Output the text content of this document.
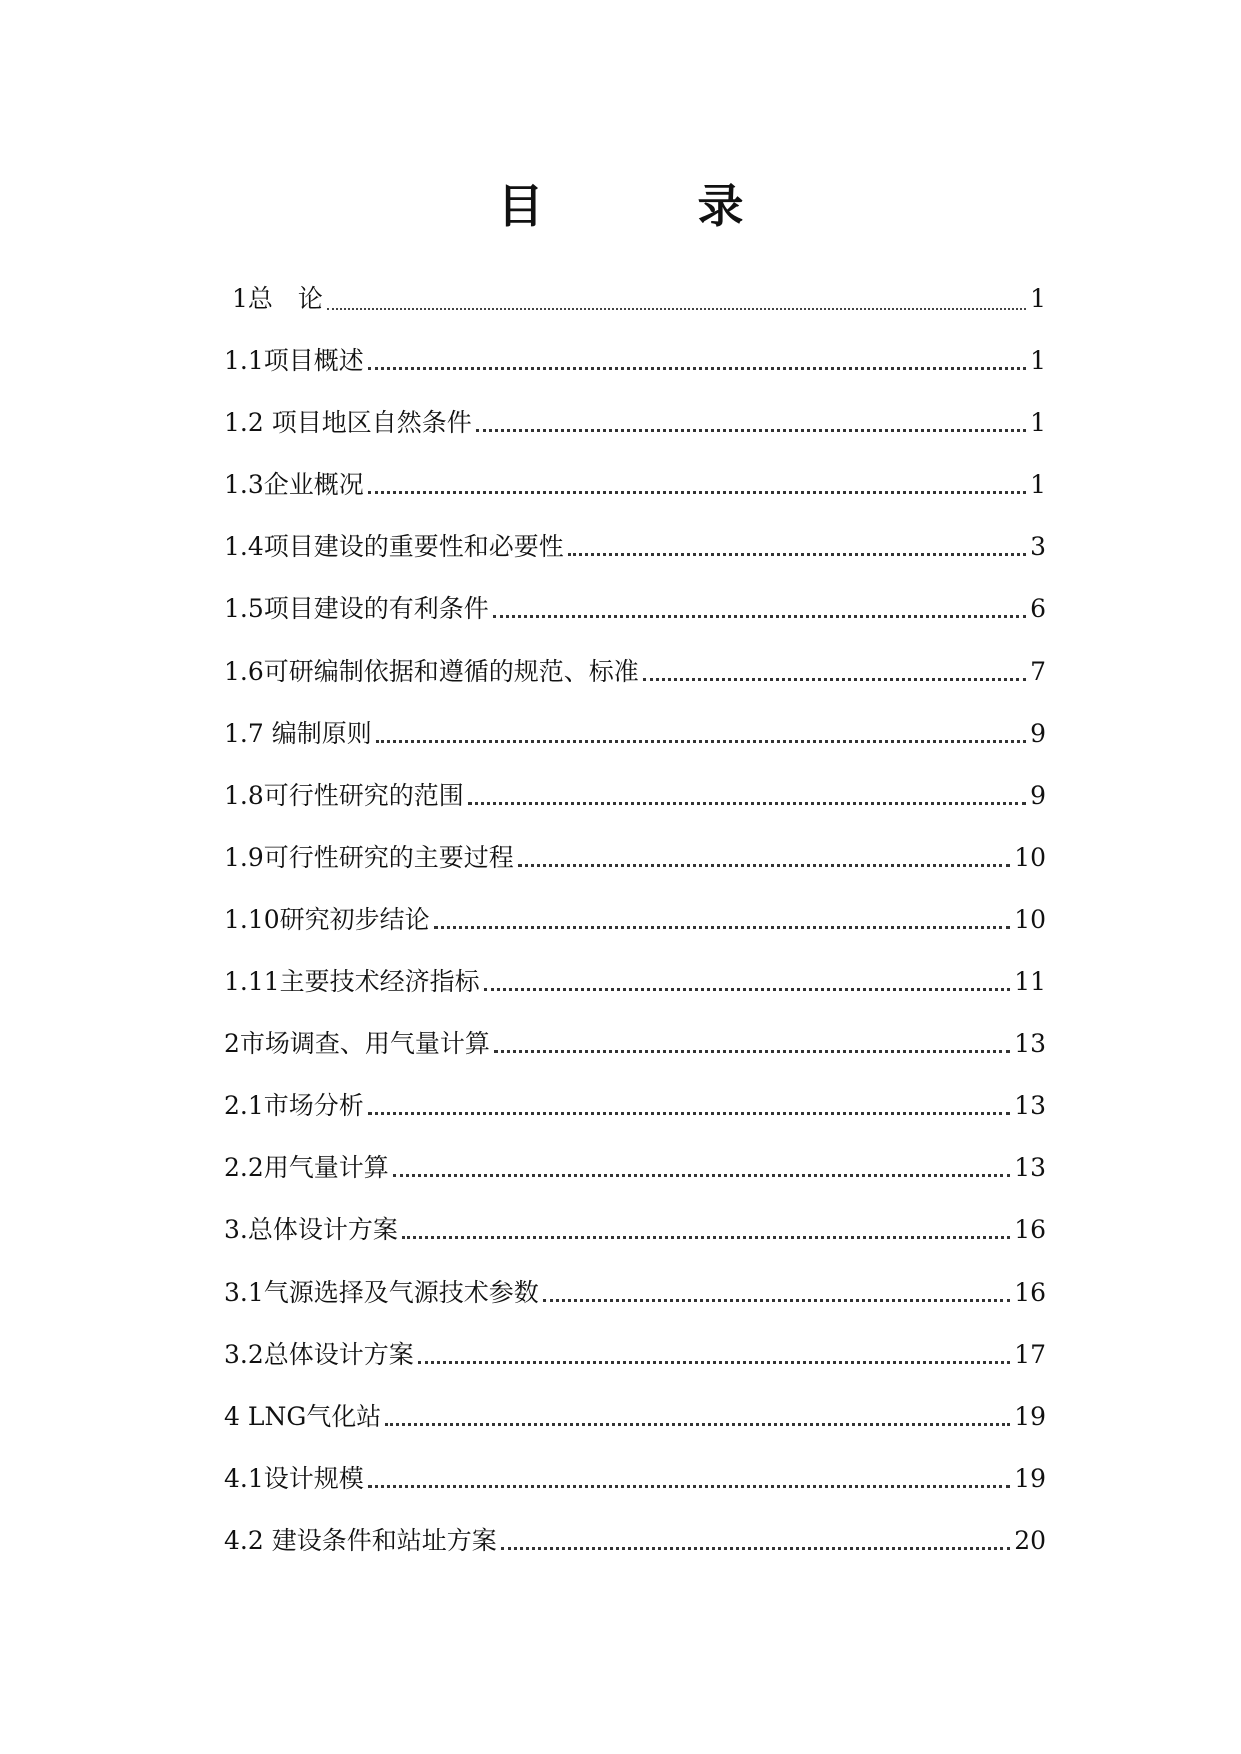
目　录
1总　论	1
1.1项目概述	1
1.2 项目地区自然条件	1
1.3企业概况	1
1.4项目建设的重要性和必要性	3
1.5项目建设的有利条件	6
1.6可研编制依据和遵循的规范、标准	7
1.7 编制原则	9
1.8可行性研究的范围	9
1.9可行性研究的主要过程	10
1.10研究初步结论	10
1.11主要技术经济指标	11
2市场调查、用气量计算	13
2.1市场分析	13
2.2用气量计算	13
3.总体设计方案	16
3.1气源选择及气源技术参数	16
3.2总体设计方案	17
4 LNG气化站	19
4.1设计规模	19
4.2 建设条件和站址方案	20
